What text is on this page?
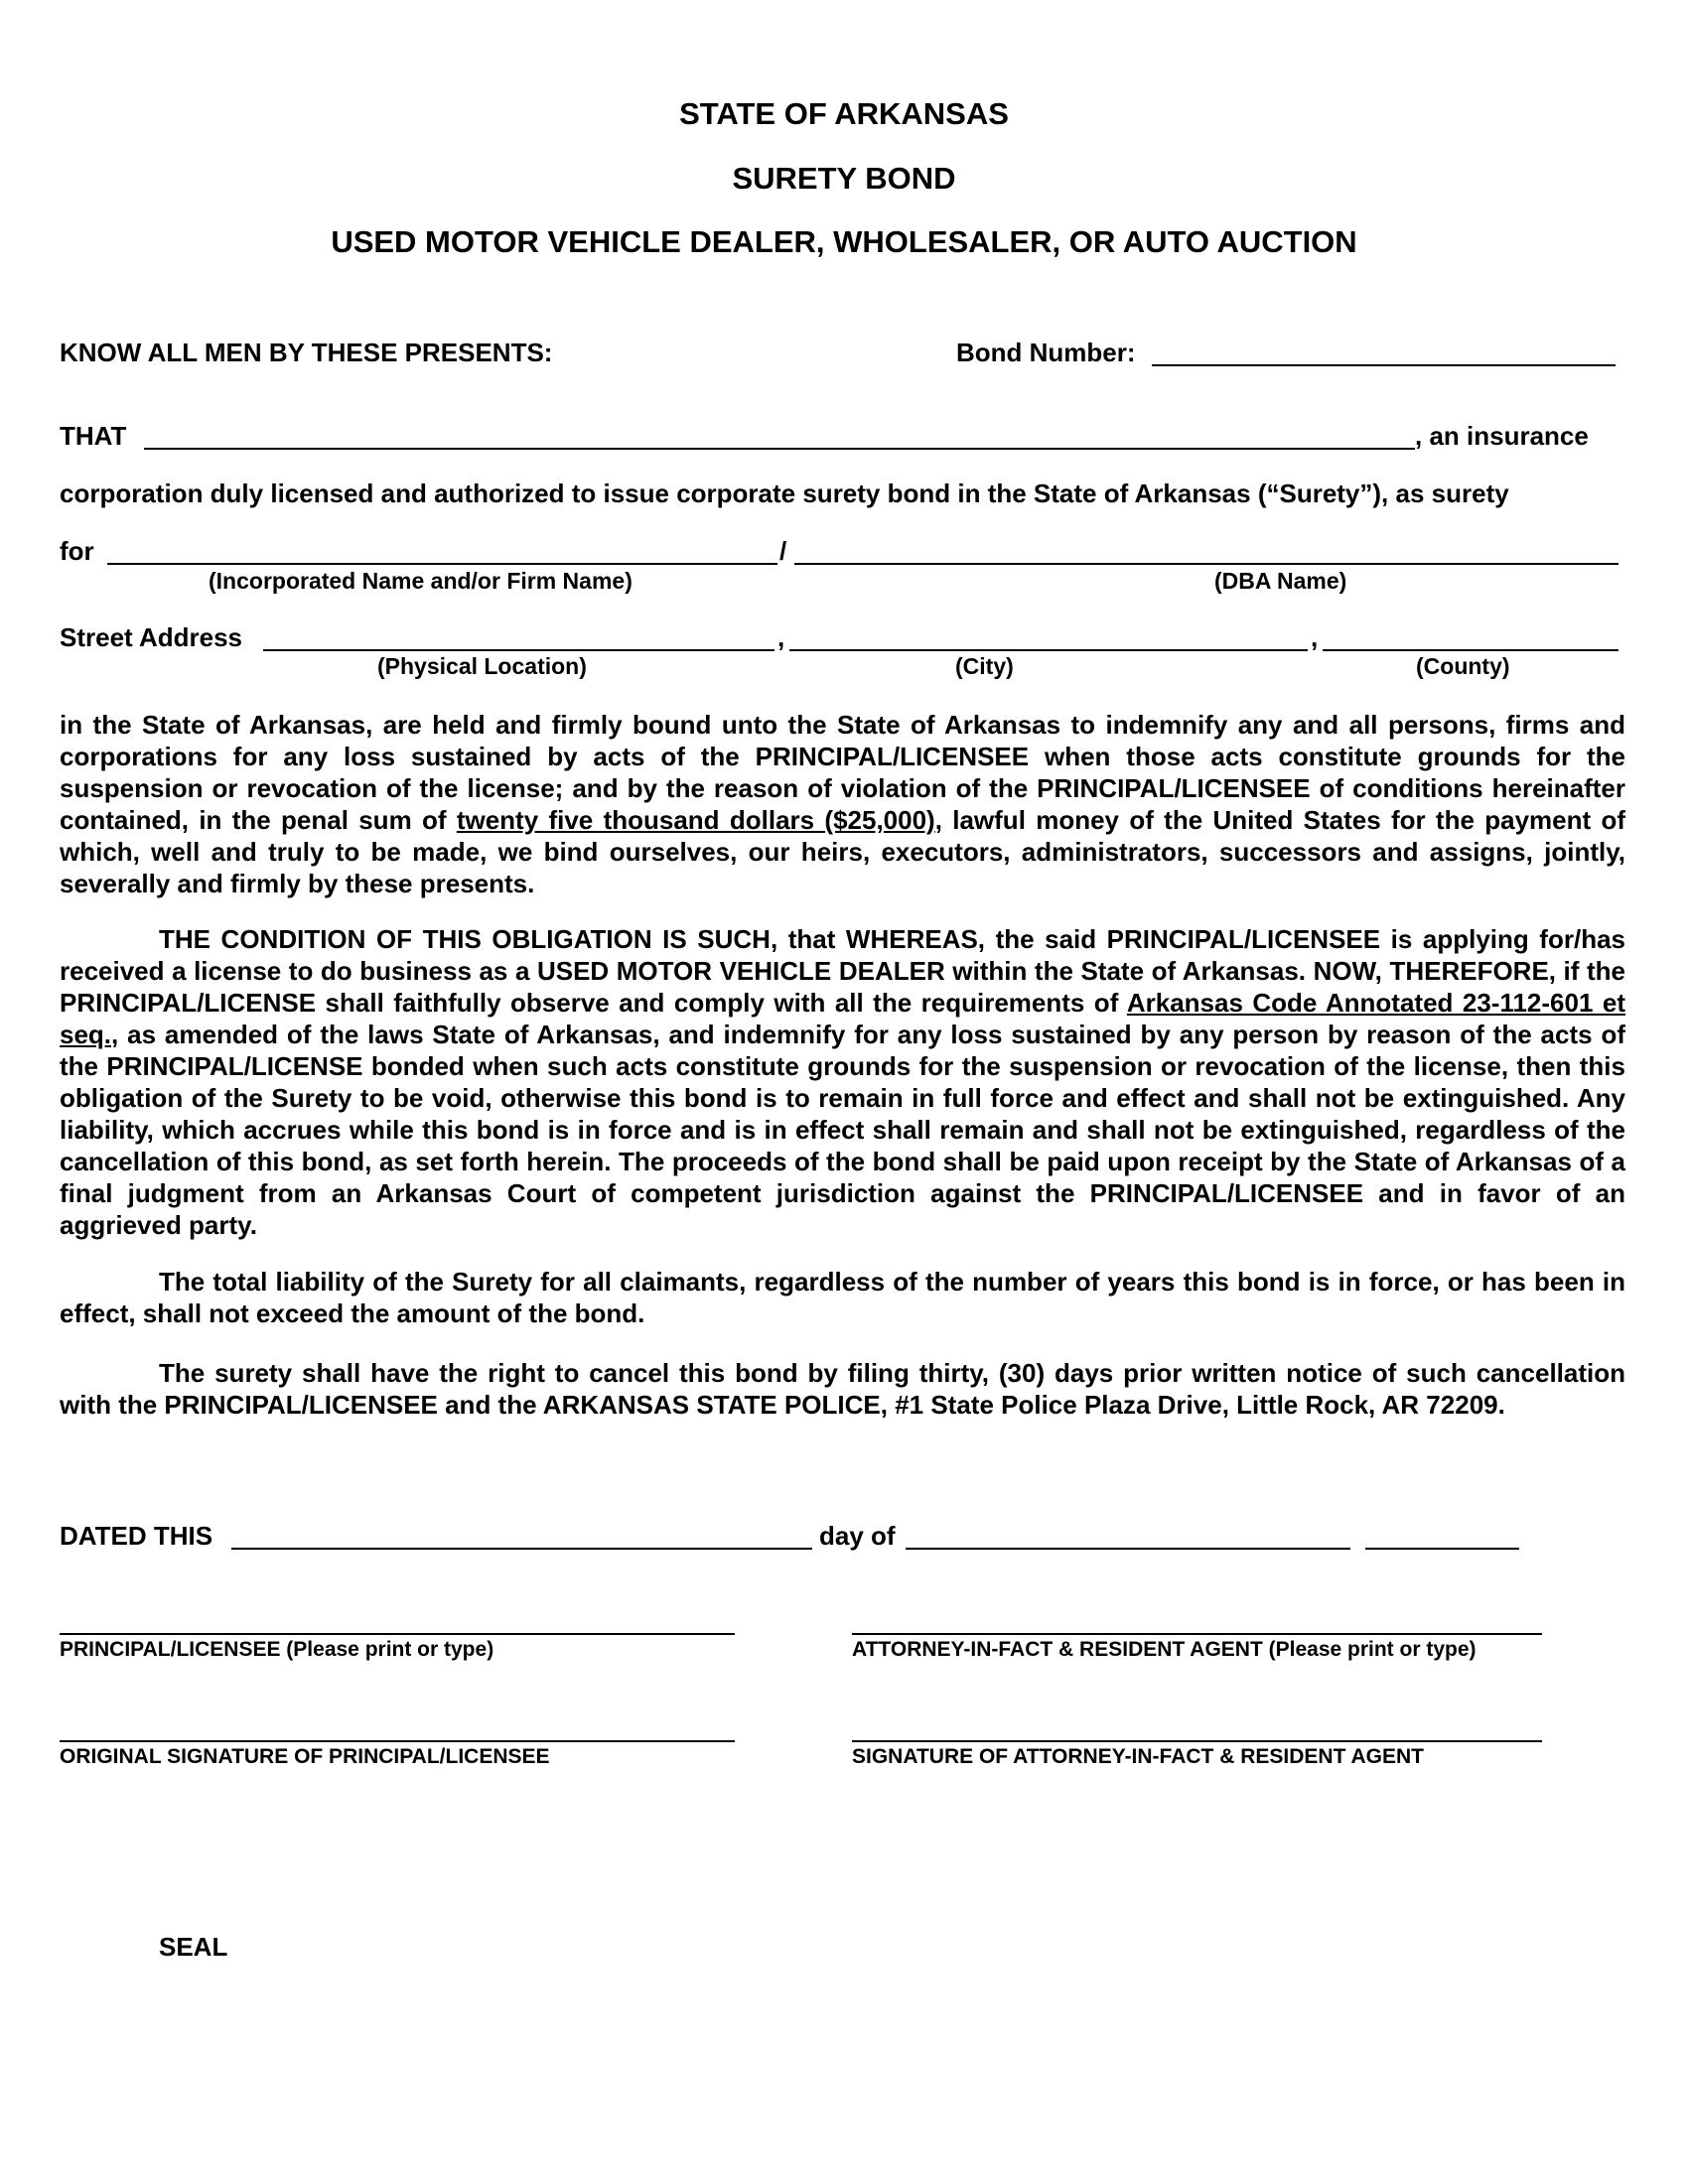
STATE OF ARKANSAS
SURETY BOND
USED MOTOR VEHICLE DEALER, WHOLESALER, OR AUTO AUCTION
KNOW ALL MEN BY THESE PRESENTS:	Bond Number:
THAT	, an insurance
corporation duly licensed and authorized to issue corporate surety bond in the State of Arkansas (“Surety”), as surety
for	/
(Incorporated Name and/or Firm Name)	(DBA Name)
Street Address	,	,
(Physical Location)	(City)	(County)
in the State of Arkansas, are held and firmly bound unto the State of Arkansas to indemnify any and all persons, firms and corporations for any loss sustained by acts of the PRINCIPAL/LICENSEE when those acts constitute grounds for the suspension or revocation of the license; and by the reason of violation of the PRINCIPAL/LICENSEE of conditions hereinafter contained, in the penal sum of twenty five thousand dollars ($25,000), lawful money of the United States for the payment of which, well and truly to be made, we bind ourselves, our heirs, executors, administrators, successors and assigns, jointly, severally and firmly by these presents.
THE CONDITION OF THIS OBLIGATION IS SUCH, that WHEREAS, the said PRINCIPAL/LICENSEE is applying for/has received a license to do business as a USED MOTOR VEHICLE DEALER within the State of Arkansas. NOW, THEREFORE, if the PRINCIPAL/LICENSE shall faithfully observe and comply with all the requirements of Arkansas Code Annotated 23-112-601 et seq., as amended of the laws State of Arkansas, and indemnify for any loss sustained by any person by reason of the acts of the PRINCIPAL/LICENSE bonded when such acts constitute grounds for the suspension or revocation of the license, then this obligation of the Surety to be void, otherwise this bond is to remain in full force and effect and shall not be extinguished. Any liability, which accrues while this bond is in force and is in effect shall remain and shall not be extinguished, regardless of the cancellation of this bond, as set forth herein. The proceeds of the bond shall be paid upon receipt by the State of Arkansas of a final judgment from an Arkansas Court of competent jurisdiction against the PRINCIPAL/LICENSEE and in favor of an aggrieved party.
The total liability of the Surety for all claimants, regardless of the number of years this bond is in force, or has been in effect, shall not exceed the amount of the bond.
The surety shall have the right to cancel this bond by filing thirty, (30) days prior written notice of such cancellation with the PRINCIPAL/LICENSEE and the ARKANSAS STATE POLICE, #1 State Police Plaza Drive, Little Rock, AR 72209.
DATED THIS	day of
PRINCIPAL/LICENSEE (Please print or type)	ATTORNEY-IN-FACT & RESIDENT AGENT (Please print or type)
ORIGINAL SIGNATURE OF PRINCIPAL/LICENSEE	SIGNATURE OF ATTORNEY-IN-FACT & RESIDENT AGENT
SEAL
